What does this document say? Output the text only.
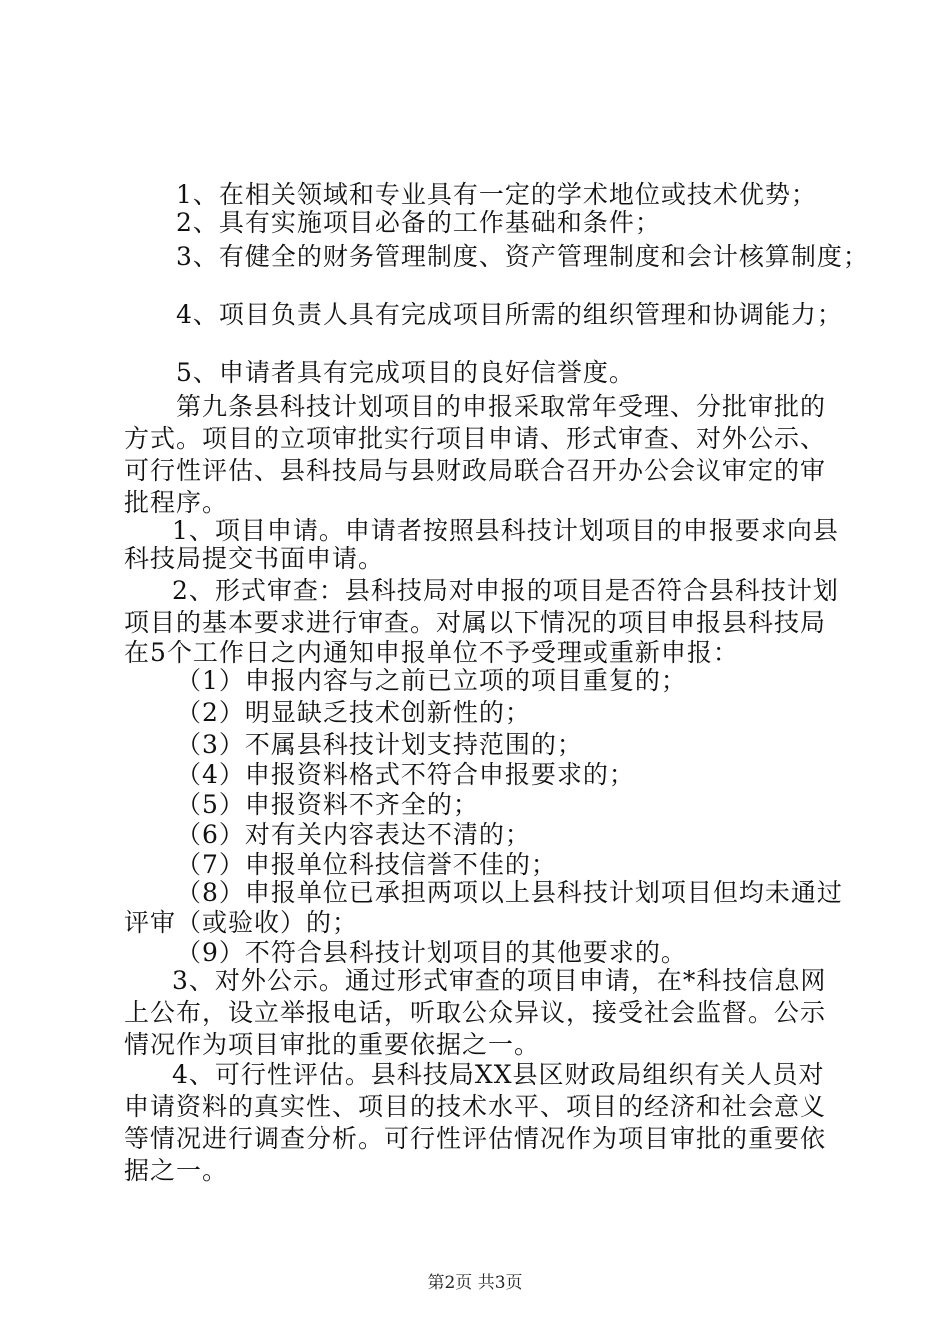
1、在相关领域和专业具有一定的学术地位或技术优势；
2、具有实施项目必备的工作基础和条件；
3、有健全的财务管理制度、资产管理制度和会计核算制度；
4、项目负责人具有完成项目所需的组织管理和协调能力；
5、申请者具有完成项目的良好信誉度。
第九条县科技计划项目的申报采取常年受理、分批审批的
方式。项目的立项审批实行项目申请、形式审查、对外公示、
可行性评估、县科技局与县财政局联合召开办公会议审定的审
批程序。
1、项目申请。申请者按照县科技计划项目的申报要求向县
科技局提交书面申请。
2、形式审查：县科技局对申报的项目是否符合县科技计划
项目的基本要求进行审查。对属以下情况的项目申报县科技局
在5个工作日之内通知申报单位不予受理或重新申报：
（1）申报内容与之前已立项的项目重复的；
（2）明显缺乏技术创新性的；
（3）不属县科技计划支持范围的；
（4）申报资料格式不符合申报要求的；
（5）申报资料不齐全的；
（6）对有关内容表达不清的；
（7）申报单位科技信誉不佳的；
（8）申报单位已承担两项以上县科技计划项目但均未通过
评审（或验收）的；
（9）不符合县科技计划项目的其他要求的。
3、对外公示。通过形式审查的项目申请，在*科技信息网
上公布，设立举报电话，听取公众异议，接受社会监督。公示
情况作为项目审批的重要依据之一。
4、可行性评估。县科技局XX县区财政局组织有关人员对
申请资料的真实性、项目的技术水平、项目的经济和社会意义
等情况进行调查分析。可行性评估情况作为项目审批的重要依
据之一。
第2页 共3页
